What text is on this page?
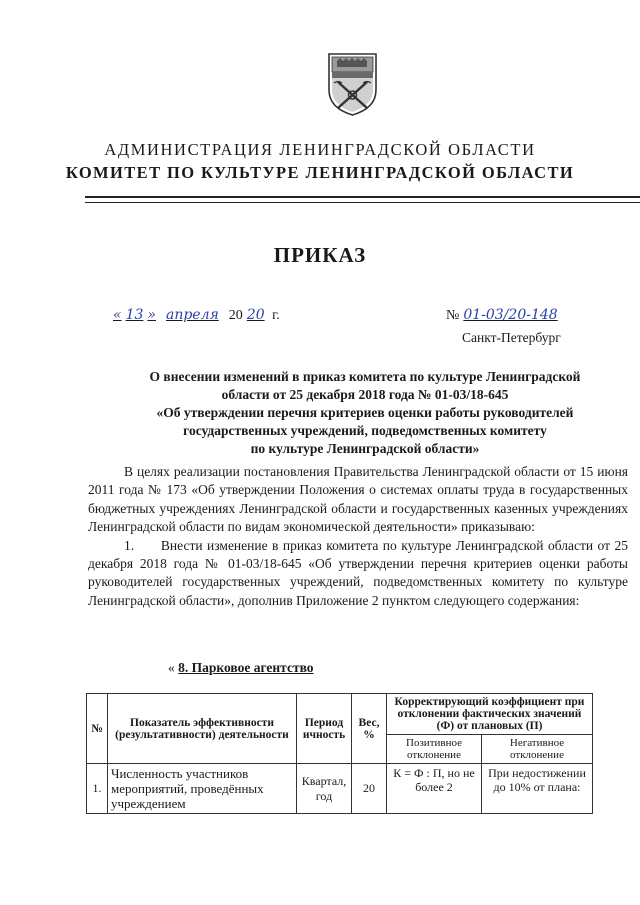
АДМИНИСТРАЦИЯ ЛЕНИНГРАДСКОЙ ОБЛАСТИ
КОМИТЕТ ПО КУЛЬТУРЕ ЛЕНИНГРАДСКОЙ ОБЛАСТИ
ПРИКАЗ
« 13 » апреля 20 20 г.	№ 01-03/20-148
Санкт-Петербург
О внесении изменений в приказ комитета по культуре Ленинградской
области от 25 декабря 2018 года № 01-03/18-645
«Об утверждении перечня критериев оценки работы руководителей
государственных учреждений, подведомственных комитету
по культуре Ленинградской области»

В целях реализации постановления Правительства Ленинградской области от 15 июня 2011 года № 173 «Об утверждении Положения о системах оплаты труда в государственных бюджетных учреждениях Ленинградской области и государственных казенных учреждениях Ленинградской области по видам экономической деятельности» приказываю:

1.      Внести изменение в приказ комитета по культуре Ленинградской области от 25 декабря 2018 года № 01-03/18-645 «Об утверждении перечня критериев оценки работы руководителей государственных учреждений, подведомственных комитету по культуре Ленинградской области», дополнив Приложение 2 пунктом следующего содержания:

« 8. Парковое агентство
№	Показатель эффективности (результативности) деятельности	Период ичность	Вес, %	Корректирующий коэффициент при отклонении фактических значений (Ф) от плановых (П)	
				Позитивное отклонение	Негативное отклонение
1.	Численность участников мероприятий, проведённых учреждением	Квартал, год	20	К = Ф : П, но не более 2	При недостижении до 10% от плана:
